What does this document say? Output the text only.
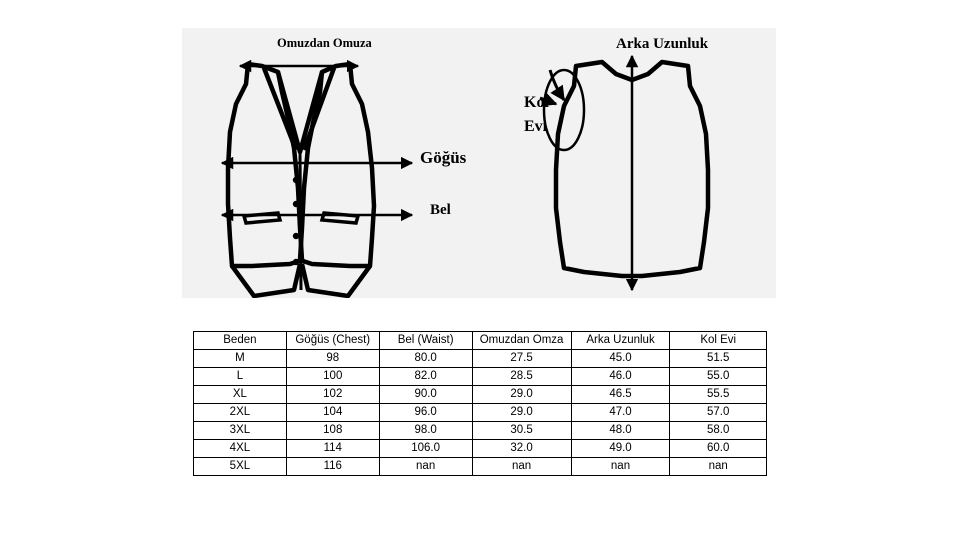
Omuzdan Omuza
Göğüs
Bel
Arka Uzunluk
Kol
Evi
Beden	Göğüs (Chest)	Bel (Waist)	Omuzdan Omza	Arka Uzunluk	Kol Evi
M	98	80.0	27.5	45.0	51.5
L	100	82.0	28.5	46.0	55.0
XL	102	90.0	29.0	46.5	55.5
2XL	104	96.0	29.0	47.0	57.0
3XL	108	98.0	30.5	48.0	58.0
4XL	114	106.0	32.0	49.0	60.0
5XL	116	nan	nan	nan	nan
